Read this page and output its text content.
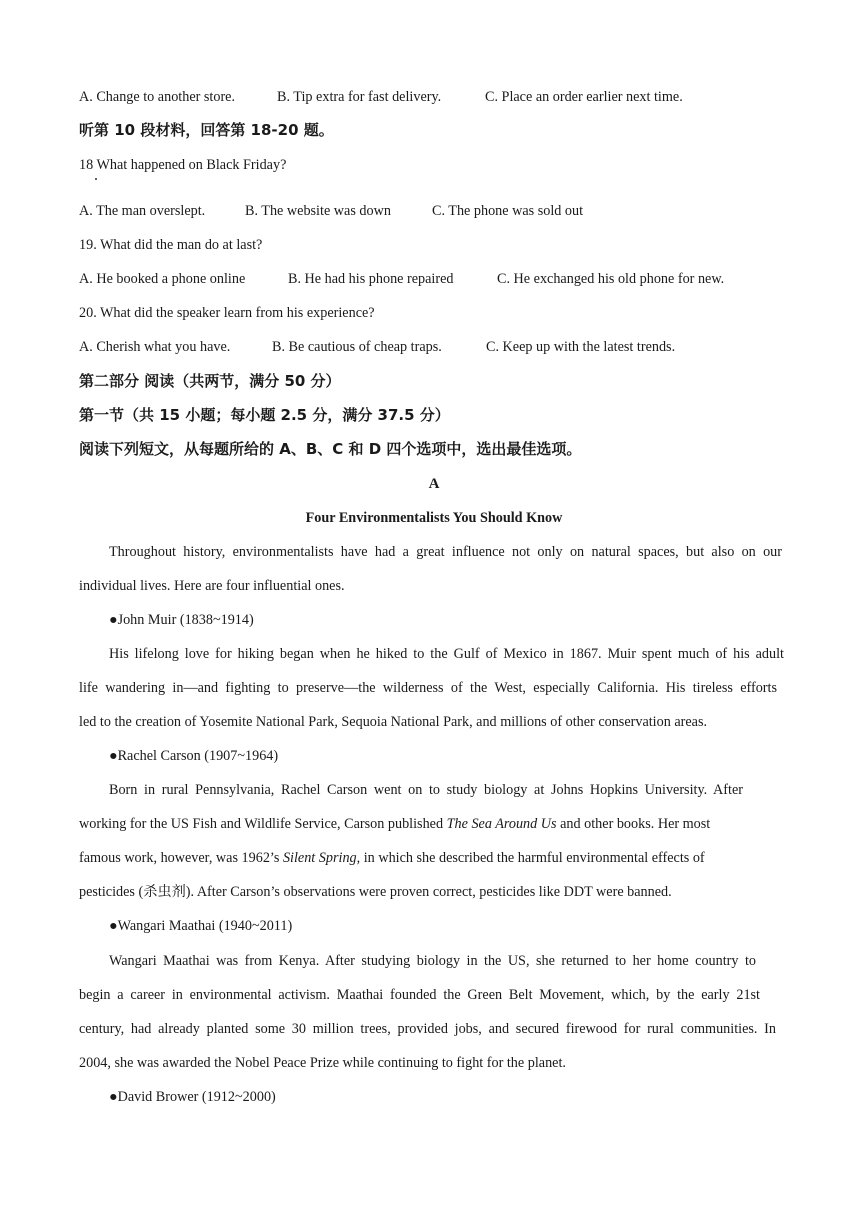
A. Change to another store.	B. Tip extra for fast delivery.	C. Place an order earlier next time.
听第 10 段材料，回答第 18-20 题。
18 What happened on Black Friday?
A. The man overslept.	B. The website was down	C. The phone was sold out
19. What did the man do at last?
A. He booked a phone online	B. He had his phone repaired	C. He exchanged his old phone for new.
20. What did the speaker learn from his experience?
A. Cherish what you have.	B. Be cautious of cheap traps.	C. Keep up with the latest trends.
第二部分 阅读（共两节，满分 50 分）
第一节（共 15 小题；每小题 2.5 分，满分 37.5 分）
阅读下列短文，从每题所给的 A、B、C 和 D 四个选项中，选出最佳选项。
A
Four Environmentalists You Should Know
Throughout history, environmentalists have had a great influence not only on natural spaces, but also on our
individual lives. Here are four influential ones.
●John Muir (1838~1914)
His lifelong love for hiking began when he hiked to the Gulf of Mexico in 1867. Muir spent much of his adult
life wandering in—and fighting to preserve—the wilderness of the West, especially California. His tireless efforts
led to the creation of Yosemite National Park, Sequoia National Park, and millions of other conservation areas.
●Rachel Carson (1907~1964)
Born in rural Pennsylvania, Rachel Carson went on to study biology at Johns Hopkins University. After
working for the US Fish and Wildlife Service, Carson published The Sea Around Us and other books. Her most
famous work, however, was 1962’s Silent Spring, in which she described the harmful environmental effects of
pesticides (杀虫剂). After Carson’s observations were proven correct, pesticides like DDT were banned.
●Wangari Maathai (1940~2011)
Wangari Maathai was from Kenya. After studying biology in the US, she returned to her home country to
begin a career in environmental activism. Maathai founded the Green Belt Movement, which, by the early 21st
century, had already planted some 30 million trees, provided jobs, and secured firewood for rural communities. In
2004, she was awarded the Nobel Peace Prize while continuing to fight for the planet.
●David Brower (1912~2000)
